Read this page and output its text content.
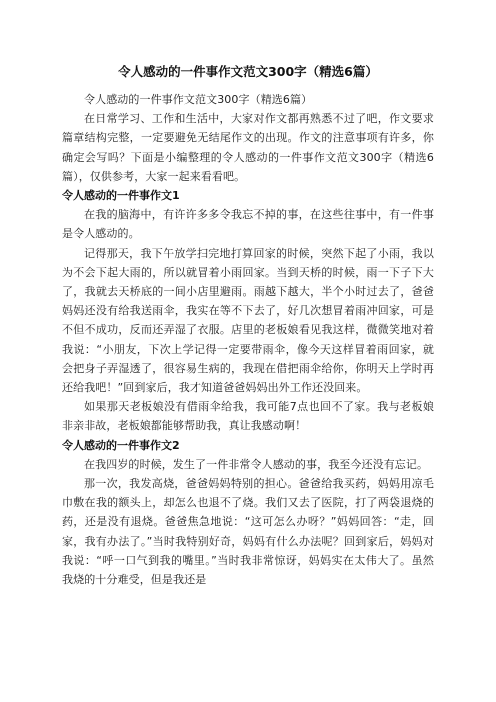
令人感动的一件事作文范文300字（精选6篇）

令人感动的一件事作文范文300字（精选6篇）

在日常学习、工作和生活中，大家对作文都再熟悉不过了吧，作文要求篇章结构完整，一定要避免无结尾作文的出现。作文的注意事项有许多，你确定会写吗？下面是小编整理的令人感动的一件事作文范文300字（精选6篇），仅供参考，大家一起来看看吧。

令人感动的一件事作文1

在我的脑海中，有许许多多令我忘不掉的事，在这些往事中，有一件事是令人感动的。

记得那天，我下午放学扫完地打算回家的时候，突然下起了小雨，我以为不会下起大雨的，所以就冒着小雨回家。当到天桥的时候，雨一下子下大了，我就去天桥底的一间小店里避雨。雨越下越大，半个小时过去了，爸爸妈妈还没有给我送雨伞，我实在等不下去了，好几次想冒着雨冲回家，可是不但不成功，反而还弄湿了衣服。店里的老板娘看见我这样，微微笑地对着我说：“小朋友，下次上学记得一定要带雨伞，像今天这样冒着雨回家，就会把身子弄湿透了，很容易生病的，我现在借把雨伞给你，你明天上学时再还给我吧！”回到家后，我才知道爸爸妈妈出外工作还没回来。

如果那天老板娘没有借雨伞给我，我可能7点也回不了家。我与老板娘非亲非故，老板娘都能够帮助我，真让我感动啊！

令人感动的一件事作文2

在我四岁的时候，发生了一件非常令人感动的事，我至今还没有忘记。

那一次，我发高烧，爸爸妈妈特别的担心。爸爸给我买药，妈妈用凉毛巾敷在我的额头上，却怎么也退不了烧。我们又去了医院，打了两袋退烧的药，还是没有退烧。爸爸焦急地说：“这可怎么办呀？”妈妈回答：“走，回家，我有办法了。”当时我特别好奇，妈妈有什么办法呢？回到家后，妈妈对我说：“呼一口气到我的嘴里。”当时我非常惊讶，妈妈实在太伟大了。虽然我烧的十分难受，但是我还是
